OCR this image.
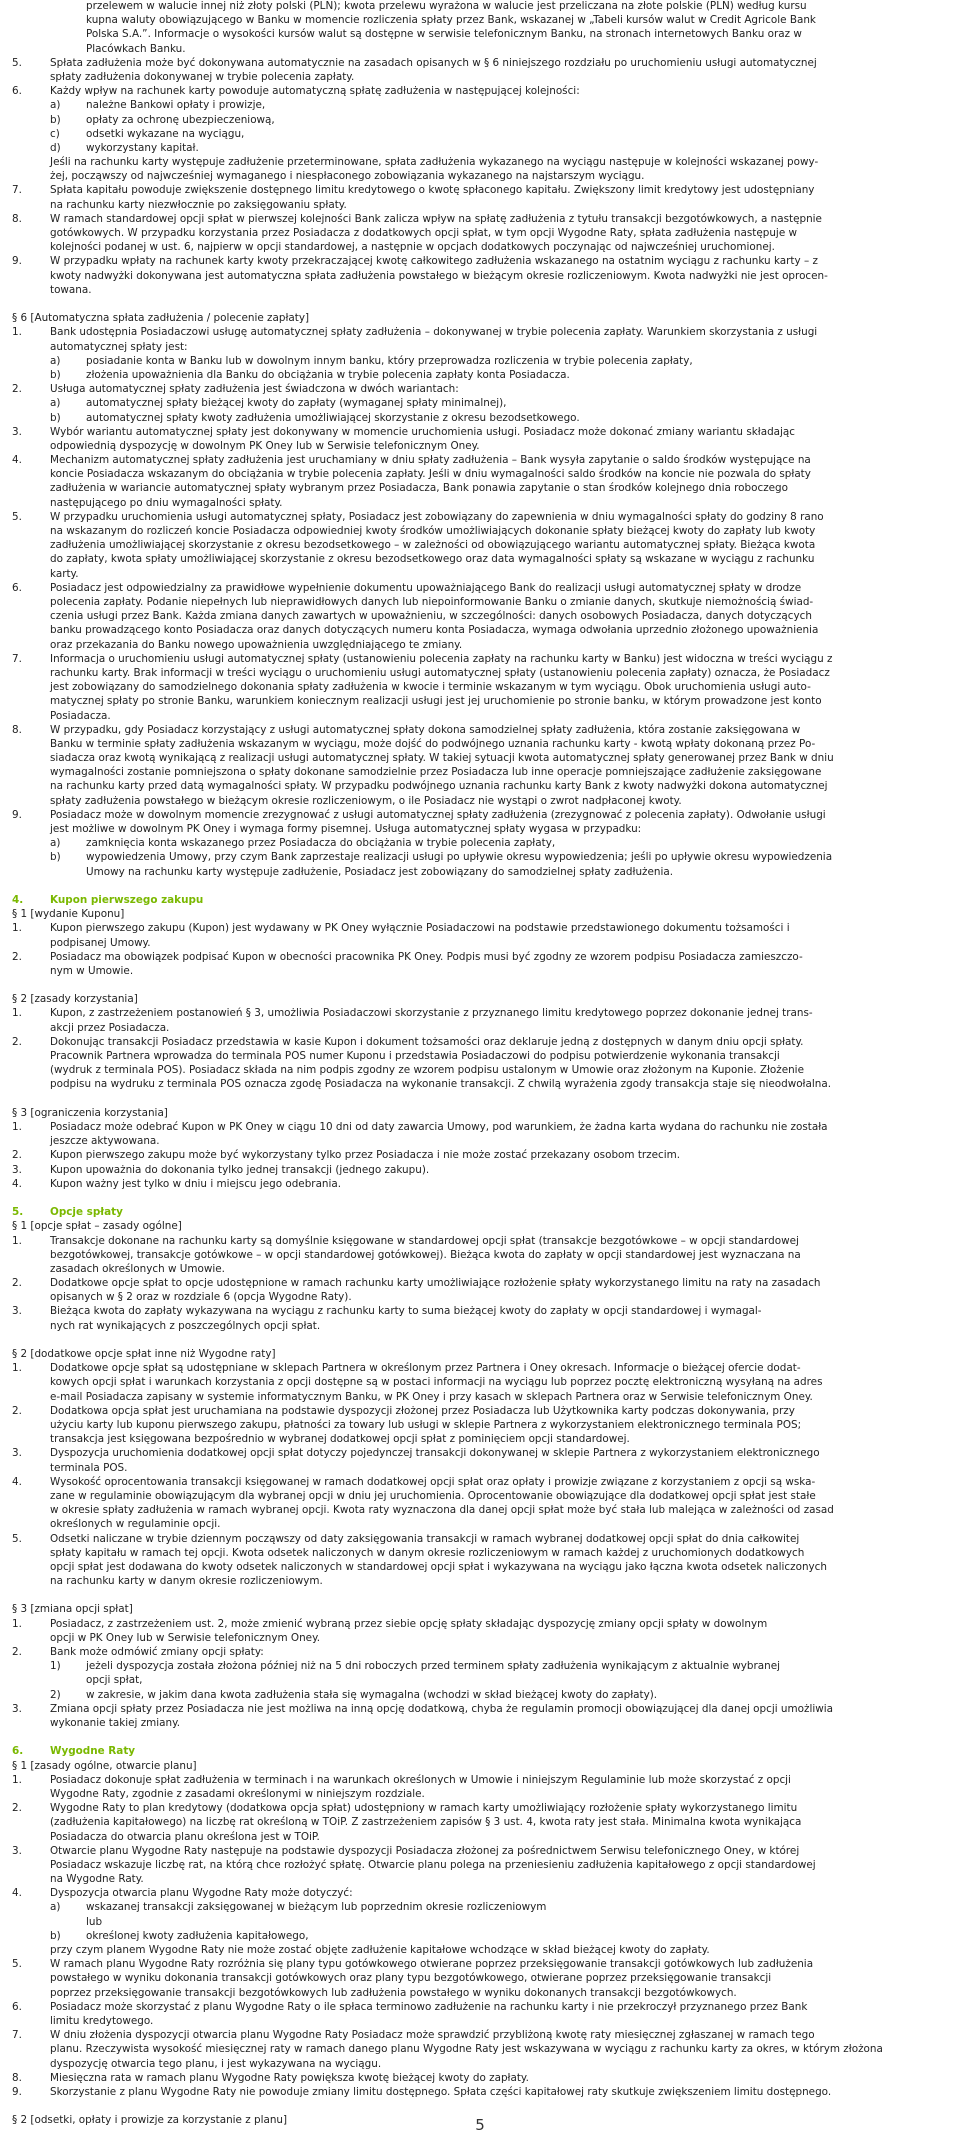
przelewem w walucie innej niż złoty polski (PLN); kwota przelewu wyrażona w walucie jest przeliczana na złote polskie (PLN) według kursu
kupna waluty obowiązującego w Banku w momencie rozliczenia spłaty przez Bank, wskazanej w „Tabeli kursów walut w Credit Agricole Bank
Polska S.A.”. Informacje o wysokości kursów walut są dostępne w serwisie telefonicznym Banku, na stronach internetowych Banku oraz w
Placówkach Banku.
5.	Spłata zadłużenia może być dokonywana automatycznie na zasadach opisanych w § 6 niniejszego rozdziału po uruchomieniu usługi automatycznej
spłaty zadłużenia dokonywanej w trybie polecenia zapłaty.
6.	Każdy wpływ na rachunek karty powoduje automatyczną spłatę zadłużenia w następującej kolejności:
a) należne Bankowi opłaty i prowizje,
b) opłaty za ochronę ubezpieczeniową,
c)	odsetki wykazane na wyciągu,
d) wykorzystany kapitał.
Jeśli na rachunku karty występuje zadłużenie przeterminowane, spłata zadłużenia wykazanego na wyciągu następuje w kolejności wskazanej powy-
żej, począwszy od najwcześniej wymaganego i niespłaconego zobowiązania wykazanego na najstarszym wyciągu.
7.	Spłata kapitału powoduje zwiększenie dostępnego limitu kredytowego o kwotę spłaconego kapitału. Zwiększony limit kredytowy jest udostępniany
na rachunku karty niezwłocznie po zaksięgowaniu spłaty.
8.	W ramach standardowej opcji spłat w pierwszej kolejności Bank zalicza wpływ na spłatę zadłużenia z tytułu transakcji bezgotówkowych, a następnie
gotówkowych. W przypadku korzystania przez Posiadacza z dodatkowych opcji spłat, w tym opcji Wygodne Raty, spłata zadłużenia następuje w
kolejności podanej w ust. 6, najpierw w opcji standardowej, a następnie w opcjach dodatkowych poczynając od najwcześniej uruchomionej.
9.	W przypadku wpłaty na rachunek karty kwoty przekraczającej kwotę całkowitego zadłużenia wskazanego na ostatnim wyciągu z rachunku karty – z
kwoty nadwyżki dokonywana jest automatyczna spłata zadłużenia powstałego w bieżącym okresie rozliczeniowym. Kwota nadwyżki nie jest oprocen-
towana.
§ 6 [Automatyczna spłata zadłużenia / polecenie zapłaty]
1.	Bank udostępnia Posiadaczowi usługę automatycznej spłaty zadłużenia – dokonywanej w trybie polecenia zapłaty. Warunkiem skorzystania z usługi
automatycznej spłaty jest:
a) posiadanie konta w Banku lub w dowolnym innym banku, który przeprowadza rozliczenia w trybie polecenia zapłaty,
b) złożenia upoważnienia dla Banku do obciążania w trybie polecenia zapłaty konta Posiadacza.
2.	Usługa automatycznej spłaty zadłużenia jest świadczona w dwóch wariantach:
a) automatycznej spłaty bieżącej kwoty do zapłaty (wymaganej spłaty minimalnej),
b) automatycznej spłaty kwoty zadłużenia umożliwiającej skorzystanie z okresu bezodsetkowego.
3.	Wybór wariantu automatycznej spłaty jest dokonywany w momencie uruchomienia usługi. Posiadacz może dokonać zmiany wariantu składając
odpowiednią dyspozycję w dowolnym PK Oney lub w Serwisie telefonicznym Oney.
4.	Mechanizm automatycznej spłaty zadłużenia jest uruchamiany w dniu spłaty zadłużenia – Bank wysyła zapytanie o saldo środków występujące na
koncie Posiadacza wskazanym do obciążania w trybie polecenia zapłaty. Jeśli w dniu wymagalności saldo środków na koncie nie pozwala do spłaty
zadłużenia w wariancie automatycznej spłaty wybranym przez Posiadacza, Bank ponawia zapytanie o stan środków kolejnego dnia roboczego
następującego po dniu wymagalności spłaty.
5.	W przypadku uruchomienia usługi automatycznej spłaty, Posiadacz jest zobowiązany do zapewnienia w dniu wymagalności spłaty do godziny 8 rano
na wskazanym do rozliczeń koncie Posiadacza odpowiedniej kwoty środków umożliwiających dokonanie spłaty bieżącej kwoty do zapłaty lub kwoty
zadłużenia umożliwiającej skorzystanie z okresu bezodsetkowego – w zależności od obowiązującego wariantu automatycznej spłaty. Bieżąca kwota
do zapłaty, kwota spłaty umożliwiającej skorzystanie z okresu bezodsetkowego oraz data wymagalności spłaty są wskazane w wyciągu z rachunku
karty.
6.	Posiadacz jest odpowiedzialny za prawidłowe wypełnienie dokumentu upoważniającego Bank do realizacji usługi automatycznej spłaty w drodze
polecenia zapłaty. Podanie niepełnych lub nieprawidłowych danych lub niepoinformowanie Banku o zmianie danych, skutkuje niemożnością świad-
czenia usługi przez Bank. Każda zmiana danych zawartych w upoważnieniu, w szczególności: danych osobowych Posiadacza, danych dotyczących
banku prowadzącego konto Posiadacza oraz danych dotyczących numeru konta Posiadacza, wymaga odwołania uprzednio złożonego upoważnienia
oraz przekazania do Banku nowego upoważnienia uwzględniającego te zmiany.
7.	Informacja o uruchomieniu usługi automatycznej spłaty (ustanowieniu polecenia zapłaty na rachunku karty w Banku) jest widoczna w treści wyciągu z
rachunku karty. Brak informacji w treści wyciągu o uruchomieniu usługi automatycznej spłaty (ustanowieniu polecenia zapłaty) oznacza, że Posiadacz
jest zobowiązany do samodzielnego dokonania spłaty zadłużenia w kwocie i terminie wskazanym w tym wyciągu. Obok uruchomienia usługi auto-
matycznej spłaty po stronie Banku, warunkiem koniecznym realizacji usługi jest jej uruchomienie po stronie banku, w którym prowadzone jest konto
Posiadacza.
8.	W przypadku, gdy Posiadacz korzystający z usługi automatycznej spłaty dokona samodzielnej spłaty zadłużenia, która zostanie zaksięgowana w
Banku w terminie spłaty zadłużenia wskazanym w wyciągu, może dojść do podwójnego uznania rachunku karty - kwotą wpłaty dokonaną przez Po-
siadacza oraz kwotą wynikającą z realizacji usługi automatycznej spłaty. W takiej sytuacji kwota automatycznej spłaty generowanej przez Bank w dniu
wymagalności zostanie pomniejszona o spłaty dokonane samodzielnie przez Posiadacza lub inne operacje pomniejszające zadłużenie zaksięgowane
na rachunku karty przed datą wymagalności spłaty. W przypadku podwójnego uznania rachunku karty Bank z kwoty nadwyżki dokona automatycznej
spłaty zadłużenia powstałego w bieżącym okresie rozliczeniowym, o ile Posiadacz nie wystąpi o zwrot nadpłaconej kwoty.
9.	Posiadacz może w dowolnym momencie zrezygnować z usługi automatycznej spłaty zadłużenia (zrezygnować z polecenia zapłaty). Odwołanie usługi
jest możliwe w dowolnym PK Oney i wymaga formy pisemnej. Usługa automatycznej spłaty wygasa w przypadku:
a) zamknięcia konta wskazanego przez Posiadacza do obciążania w trybie polecenia zapłaty,
b) wypowiedzenia Umowy, przy czym Bank zaprzestaje realizacji usługi po upływie okresu wypowiedzenia; jeśli po upływie okresu wypowiedzenia
Umowy na rachunku karty występuje zadłużenie, Posiadacz jest zobowiązany do samodzielnej spłaty zadłużenia.
4.	Kupon pierwszego zakupu
§ 1 [wydanie Kuponu]
1.	Kupon pierwszego zakupu (Kupon) jest wydawany w PK Oney wyłącznie Posiadaczowi na podstawie przedstawionego dokumentu tożsamości i
podpisanej Umowy.
2.	Posiadacz ma obowiązek podpisać Kupon w obecności pracownika PK Oney. Podpis musi być zgodny ze wzorem podpisu Posiadacza zamieszczo-
nym w Umowie.
§ 2 [zasady korzystania]
1.	Kupon, z zastrzeżeniem postanowień § 3, umożliwia Posiadaczowi skorzystanie z przyznanego limitu kredytowego poprzez dokonanie jednej trans-
akcji przez Posiadacza.
2.	Dokonując transakcji Posiadacz przedstawia w kasie Kupon i dokument tożsamości oraz deklaruje jedną z dostępnych w danym dniu opcji spłaty.
Pracownik Partnera wprowadza do terminala POS numer Kuponu i przedstawia Posiadaczowi do podpisu potwierdzenie wykonania transakcji
(wydruk z terminala POS). Posiadacz składa na nim podpis zgodny ze wzorem podpisu ustalonym w Umowie oraz złożonym na Kuponie. Złożenie
podpisu na wydruku z terminala POS oznacza zgodę Posiadacza na wykonanie transakcji. Z chwilą wyrażenia zgody transakcja staje się nieodwołalna.
§ 3 [ograniczenia korzystania]
1.	Posiadacz może odebrać Kupon w PK Oney w ciągu 10 dni od daty zawarcia Umowy, pod warunkiem, że żadna karta wydana do rachunku nie została
jeszcze aktywowana.
2.	Kupon pierwszego zakupu może być wykorzystany tylko przez Posiadacza i nie może zostać przekazany osobom trzecim.
3.	Kupon upoważnia do dokonania tylko jednej transakcji (jednego zakupu).
4.	Kupon ważny jest tylko w dniu i miejscu jego odebrania.
5.	Opcje spłaty
§ 1 [opcje spłat – zasady ogólne]
1.	Transakcje dokonane na rachunku karty są domyślnie księgowane w standardowej opcji spłat (transakcje bezgotówkowe – w opcji standardowej
bezgotówkowej, transakcje gotówkowe – w opcji standardowej gotówkowej). Bieżąca kwota do zapłaty w opcji standardowej jest wyznaczana na
zasadach określonych w Umowie.
2.	Dodatkowe opcje spłat to opcje udostępnione w ramach rachunku karty umożliwiające rozłożenie spłaty wykorzystanego limitu na raty na zasadach
opisanych w § 2 oraz w rozdziale 6 (opcja Wygodne Raty).
3.	Bieżąca kwota do zapłaty wykazywana na wyciągu z rachunku karty to suma bieżącej kwoty do zapłaty w opcji standardowej i wymagal-
nych rat wynikających z poszczególnych opcji spłat.
§ 2 [dodatkowe opcje spłat inne niż Wygodne raty]
1.	Dodatkowe opcje spłat są udostępniane w sklepach Partnera w określonym przez Partnera i Oney okresach. Informacje o bieżącej ofercie dodat-
kowych opcji spłat i warunkach korzystania z opcji dostępne są w postaci informacji na wyciągu lub poprzez pocztę elektroniczną wysyłaną na adres
e-mail Posiadacza zapisany w systemie informatycznym Banku, w PK Oney i przy kasach w sklepach Partnera oraz w Serwisie telefonicznym Oney.
2.	Dodatkowa opcja spłat jest uruchamiana na podstawie dyspozycji złożonej przez Posiadacza lub Użytkownika karty podczas dokonywania, przy
użyciu karty lub kuponu pierwszego zakupu, płatności za towary lub usługi w sklepie Partnera z wykorzystaniem elektronicznego terminala POS;
transakcja jest księgowana bezpośrednio w wybranej dodatkowej opcji spłat z pominięciem opcji standardowej.
3.	Dyspozycja uruchomienia dodatkowej opcji spłat dotyczy pojedynczej transakcji dokonywanej w sklepie Partnera z wykorzystaniem elektronicznego
terminala POS.
4.	Wysokość oprocentowania transakcji księgowanej w ramach dodatkowej opcji spłat oraz opłaty i prowizje związane z korzystaniem z opcji są wska-
zane w regulaminie obowiązującym dla wybranej opcji w dniu jej uruchomienia. Oprocentowanie obowiązujące dla dodatkowej opcji spłat jest stałe
w okresie spłaty zadłużenia w ramach wybranej opcji. Kwota raty wyznaczona dla danej opcji spłat może być stała lub malejąca w zależności od zasad
określonych w regulaminie opcji.
5.	Odsetki naliczane w trybie dziennym począwszy od daty zaksięgowania transakcji w ramach wybranej dodatkowej opcji spłat do dnia całkowitej
spłaty kapitału w ramach tej opcji. Kwota odsetek naliczonych w danym okresie rozliczeniowym w ramach każdej z uruchomionych dodatkowych
opcji spłat jest dodawana do kwoty odsetek naliczonych w standardowej opcji spłat i wykazywana na wyciągu jako łączna kwota odsetek naliczonych
na rachunku karty w danym okresie rozliczeniowym.
§ 3 [zmiana opcji spłat]
1.	Posiadacz, z zastrzeżeniem ust. 2, może zmienić wybraną przez siebie opcję spłaty składając dyspozycję zmiany opcji spłaty w dowolnym
opcji w PK Oney lub w Serwisie telefonicznym Oney.
2.	Bank może odmówić zmiany opcji spłaty:
1) jeżeli dyspozycja została złożona później niż na 5 dni roboczych przed terminem spłaty zadłużenia wynikającym z aktualnie wybranej
opcji spłat,
2) w zakresie, w jakim dana kwota zadłużenia stała się wymagalna (wchodzi w skład bieżącej kwoty do zapłaty).
3.	Zmiana opcji spłaty przez Posiadacza nie jest możliwa na inną opcję dodatkową, chyba że regulamin promocji obowiązującej dla danej opcji umożliwia
wykonanie takiej zmiany.
6.	Wygodne Raty
§ 1 [zasady ogólne, otwarcie planu]
1.	Posiadacz dokonuje spłat zadłużenia w terminach i na warunkach określonych w Umowie i niniejszym Regulaminie lub może skorzystać z opcji
Wygodne Raty, zgodnie z zasadami określonymi w niniejszym rozdziale.
2.	Wygodne Raty to plan kredytowy (dodatkowa opcja spłat) udostępniony w ramach karty umożliwiający rozłożenie spłaty wykorzystanego limitu
(zadłużenia kapitałowego) na liczbę rat określoną w TOiP. Z zastrzeżeniem zapisów § 3 ust. 4, kwota raty jest stała. Minimalna kwota wynikająca
Posiadacza do otwarcia planu określona jest w TOiP.
3.	Otwarcie planu Wygodne Raty następuje na podstawie dyspozycji Posiadacza złożonej za pośrednictwem Serwisu telefonicznego Oney, w której
Posiadacz wskazuje liczbę rat, na którą chce rozłożyć spłatę. Otwarcie planu polega na przeniesieniu zadłużenia kapitałowego z opcji standardowej
na Wygodne Raty.
4.	Dyspozycja otwarcia planu Wygodne Raty może dotyczyć:
a) wskazanej transakcji zaksięgowanej w bieżącym lub poprzednim okresie rozliczeniowym
lub
b) określonej kwoty zadłużenia kapitałowego,
przy czym planem Wygodne Raty nie może zostać objęte zadłużenie kapitałowe wchodzące w skład bieżącej kwoty do zapłaty.
5.	W ramach planu Wygodne Raty rozróżnia się plany typu gotówkowego otwierane poprzez przeksięgowanie transakcji gotówkowych lub zadłużenia
powstałego w wyniku dokonania transakcji gotówkowych oraz plany typu bezgotówkowego, otwierane poprzez przeksięgowanie transakcji
poprzez przeksięgowanie transakcji bezgotówkowych lub zadłużenia powstałego w wyniku dokonanych transakcji bezgotówkowych.
6.	Posiadacz może skorzystać z planu Wygodne Raty o ile spłaca terminowo zadłużenie na rachunku karty i nie przekroczył przyznanego przez Bank
limitu kredytowego.
7.	W dniu złożenia dyspozycji otwarcia planu Wygodne Raty Posiadacz może sprawdzić przybliżoną kwotę raty miesięcznej zgłaszanej w ramach tego
planu. Rzeczywista wysokość miesięcznej raty w ramach danego planu Wygodne Raty jest wskazywana w wyciągu z rachunku karty za okres, w którym złożona
dyspozycję otwarcia tego planu, i jest wykazywana na wyciągu.
8.	Miesięczna rata w ramach planu Wygodne Raty powiększa kwotę bieżącej kwoty do zapłaty.
9.	Skorzystanie z planu Wygodne Raty nie powoduje zmiany limitu dostępnego. Spłata części kapitałowej raty skutkuje zwiększeniem limitu dostępnego.
§ 2 [odsetki, opłaty i prowizje za korzystanie z planu]	5
